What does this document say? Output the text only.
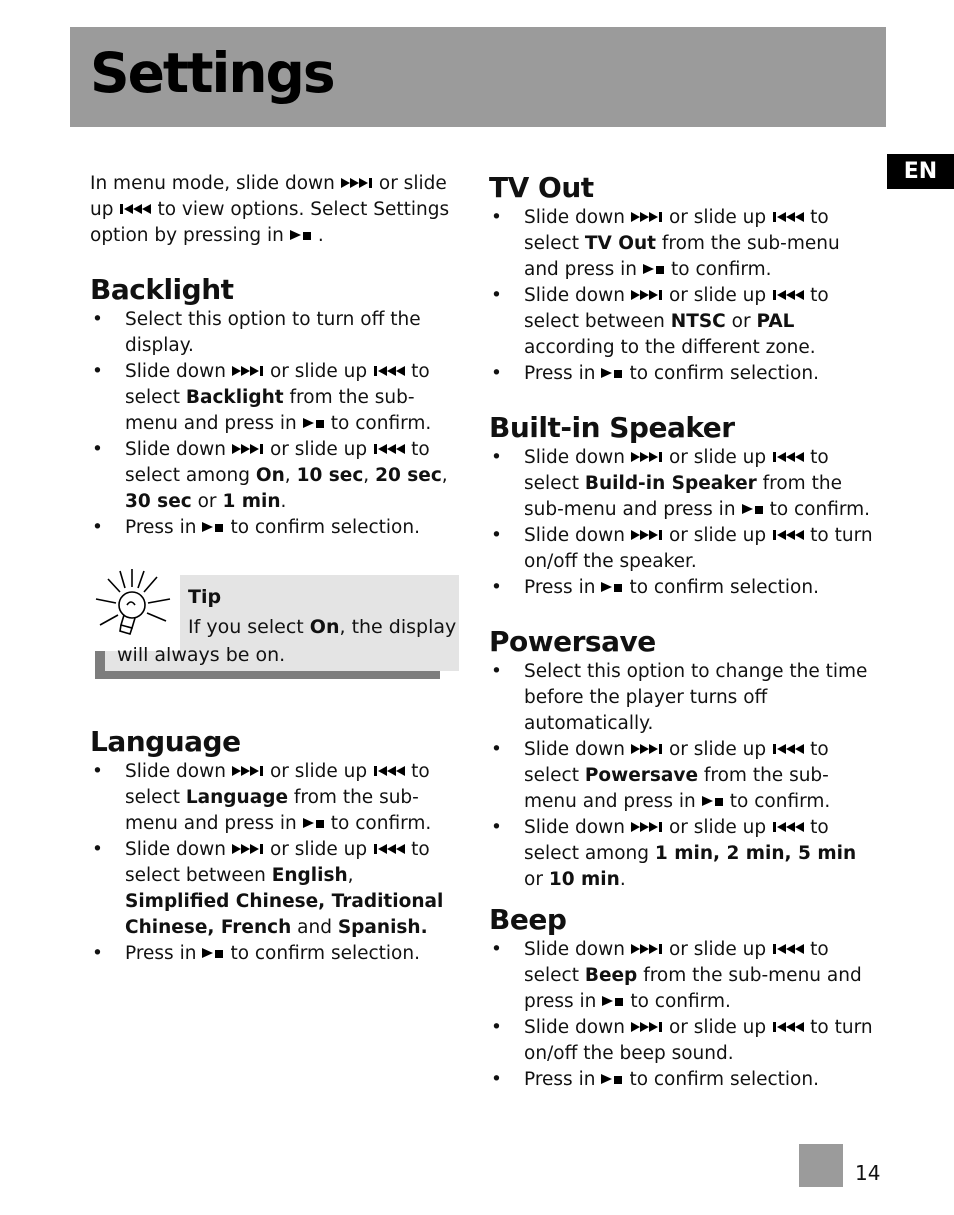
Settings
EN

In menu mode, slide down or slide up to view options. Select Settings option by pressing in .

Backlight
• Select this option to turn off the display.
• Slide down or slide up to select Backlight from the sub-menu and press in to confirm.
• Slide down or slide up to select among On, 10 sec, 20 sec, 30 sec or 1 min.
• Press in to confirm selection.
Tip
If you select On, the display
will always be on.
Language
• Slide down or slide up to select Language from the sub-menu and press in to confirm.
• Slide down or slide up to select between English, Simplified Chinese, Traditional Chinese, French and Spanish.
• Press in to confirm selection.
TV Out
• Slide down or slide up to select TV Out from the sub-menu and press in to confirm.
• Slide down or slide up to select between NTSC or PAL according to the different zone.
• Press in to confirm selection.
Built-in Speaker
• Slide down or slide up to select Build-in Speaker from the sub-menu and press in to confirm.
• Slide down or slide up to turn on/off the speaker.
• Press in to confirm selection.
Powersave
• Select this option to change the time before the player turns off automatically.
• Slide down or slide up to select Powersave from the sub-menu and press in to confirm.
• Slide down or slide up to select among 1 min, 2 min, 5 min or 10 min.
Beep
• Slide down or slide up to select Beep from the sub-menu and press in to confirm.
• Slide down or slide up to turn on/off the beep sound.
• Press in to confirm selection.
14
